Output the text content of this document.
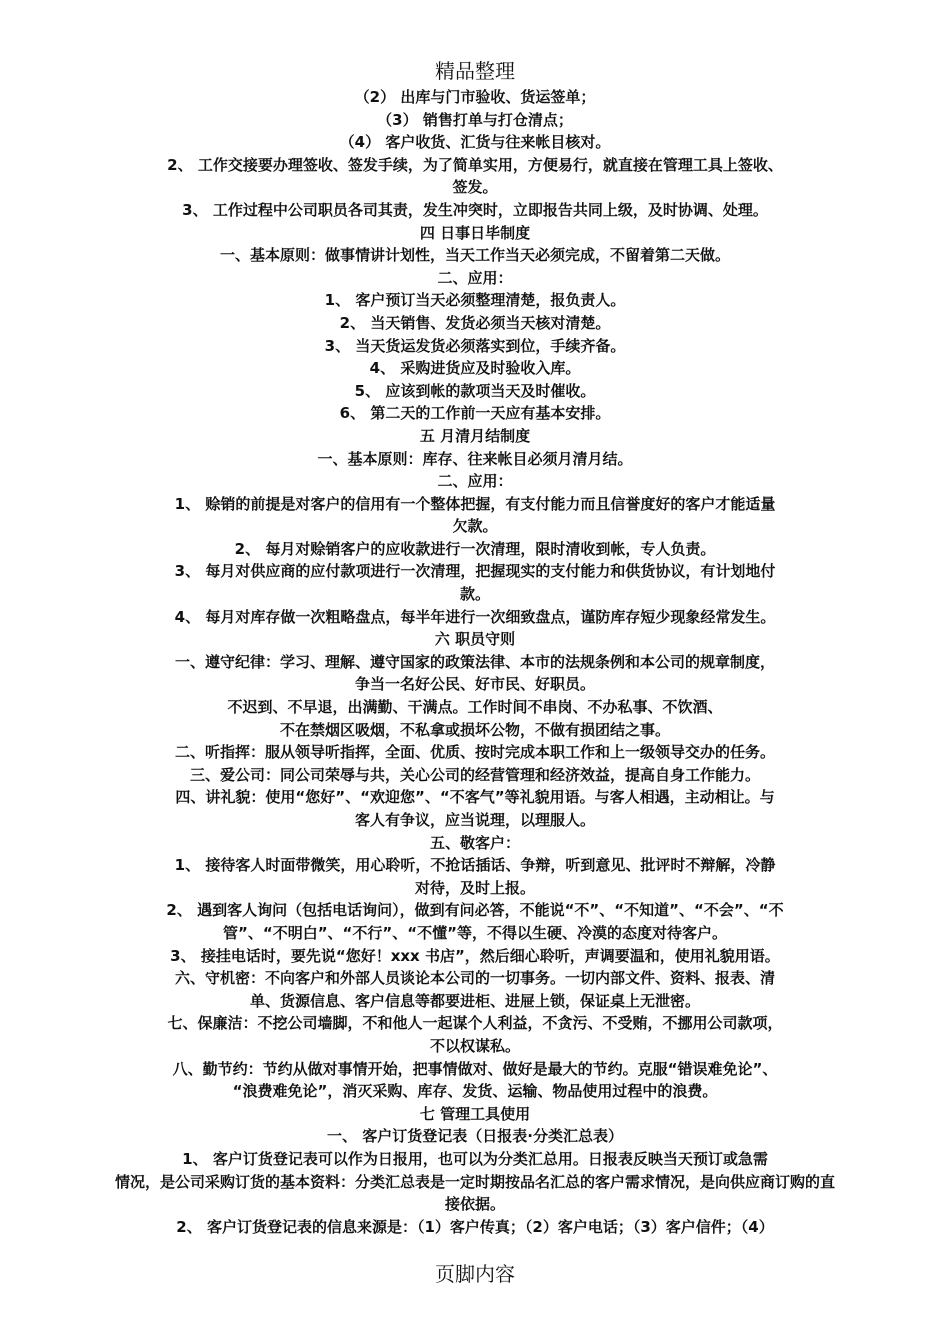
精品整理
（2） 出库与门市验收、货运签单；
（3） 销售打单与打仓清点；
（4） 客户收货、汇货与往来帐目核对。
2、 工作交接要办理签收、签发手续，为了简单实用，方便易行，就直接在管理工具上签收、
签发。
3、 工作过程中公司职员各司其责，发生冲突时，立即报告共同上级，及时协调、处理。
四 日事日毕制度
一、基本原则：做事情讲计划性，当天工作当天必须完成，不留着第二天做。
二、应用：
1、 客户预订当天必须整理清楚，报负责人。
2、 当天销售、发货必须当天核对清楚。
3、 当天货运发货必须落实到位，手续齐备。
4、 采购进货应及时验收入库。
5、 应该到帐的款项当天及时催收。
6、 第二天的工作前一天应有基本安排。
五 月清月结制度
一、基本原则：库存、往来帐目必须月清月结。
二、应用：
1、 赊销的前提是对客户的信用有一个整体把握，有支付能力而且信誉度好的客户才能适量
欠款。
2、 每月对赊销客户的应收款进行一次清理，限时清收到帐，专人负责。
3、 每月对供应商的应付款项进行一次清理，把握现实的支付能力和供货协议，有计划地付
款。
4、 每月对库存做一次粗略盘点，每半年进行一次细致盘点，谨防库存短少现象经常发生。
六 职员守则
一、遵守纪律：学习、理解、遵守国家的政策法律、本市的法规条例和本公司的规章制度，
争当一名好公民、好市民、好职员。
不迟到、不早退，出满勤、干满点。工作时间不串岗、不办私事、不饮酒、
不在禁烟区吸烟，不私拿或损坏公物，不做有损团结之事。
二、听指挥：服从领导听指挥，全面、优质、按时完成本职工作和上一级领导交办的任务。
三、爱公司：同公司荣辱与共，关心公司的经营管理和经济效益，提高自身工作能力。
四、讲礼貌：使用“您好”、“欢迎您”、“不客气”等礼貌用语。与客人相遇，主动相让。与
客人有争议，应当说理，以理服人。
五、敬客户：
1、 接待客人时面带微笑，用心聆听，不抢话插话、争辩，听到意见、批评时不辩解，冷静
对待，及时上报。
2、 遇到客人询问（包括电话询问），做到有问必答，不能说“不”、“不知道”、“不会”、“不
管”、“不明白”、“不行”、“不懂”等，不得以生硬、冷漠的态度对待客户。
3、 接挂电话时，要先说“您好！xxx 书店”，然后细心聆听，声调要温和，使用礼貌用语。
六、守机密：不向客户和外部人员谈论本公司的一切事务。一切内部文件、资料、报表、清
单、货源信息、客户信息等都要进柜、进屉上锁，保证桌上无泄密。
七、保廉洁：不挖公司墙脚，不和他人一起谋个人利益，不贪污、不受贿，不挪用公司款项，
不以权谋私。
八、勤节约：节约从做对事情开始，把事情做对、做好是最大的节约。克服“错误难免论”、
“浪费难免论”，消灭采购、库存、发货、运输、物品使用过程中的浪费。
七 管理工具使用
一、 客户订货登记表（日报表·分类汇总表）
1、 客户订货登记表可以作为日报用，也可以为分类汇总用。日报表反映当天预订或急需
情况，是公司采购订货的基本资料：分类汇总表是一定时期按品名汇总的客户需求情况，是向供应商订购的直
接依据。
2、 客户订货登记表的信息来源是：（1）客户传真；（2）客户电话；（3）客户信件；（4）
页脚内容
